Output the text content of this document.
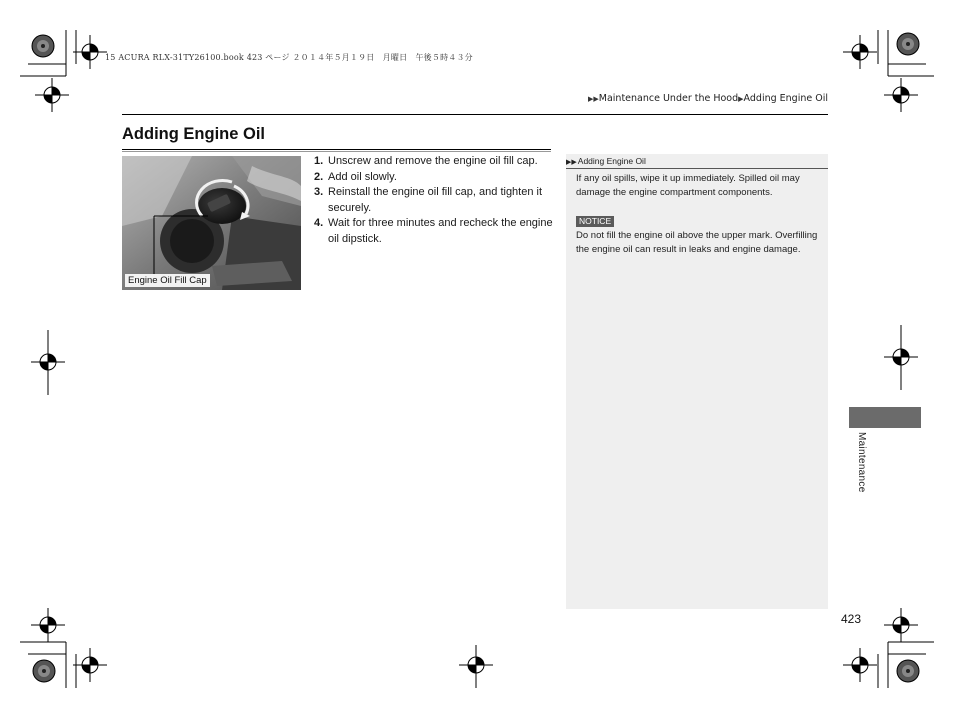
15 ACURA RLX-31TY26100.book 423 ページ ２０１４年５月１９日　月曜日　午後５時４３分
▶▶Maintenance Under the Hood▶Adding Engine Oil
Adding Engine Oil
Engine Oil Fill Cap
1. Unscrew and remove the engine oil fill cap.
2. Add oil slowly.
3. Reinstall the engine oil fill cap, and tighten it securely.
4. Wait for three minutes and recheck the engine oil dipstick.
▶▶Adding Engine Oil
If any oil spills, wipe it up immediately. Spilled oil may damage the engine compartment components.
NOTICE
Do not fill the engine oil above the upper mark. Overfilling the engine oil can result in leaks and engine damage.
Maintenance
423
